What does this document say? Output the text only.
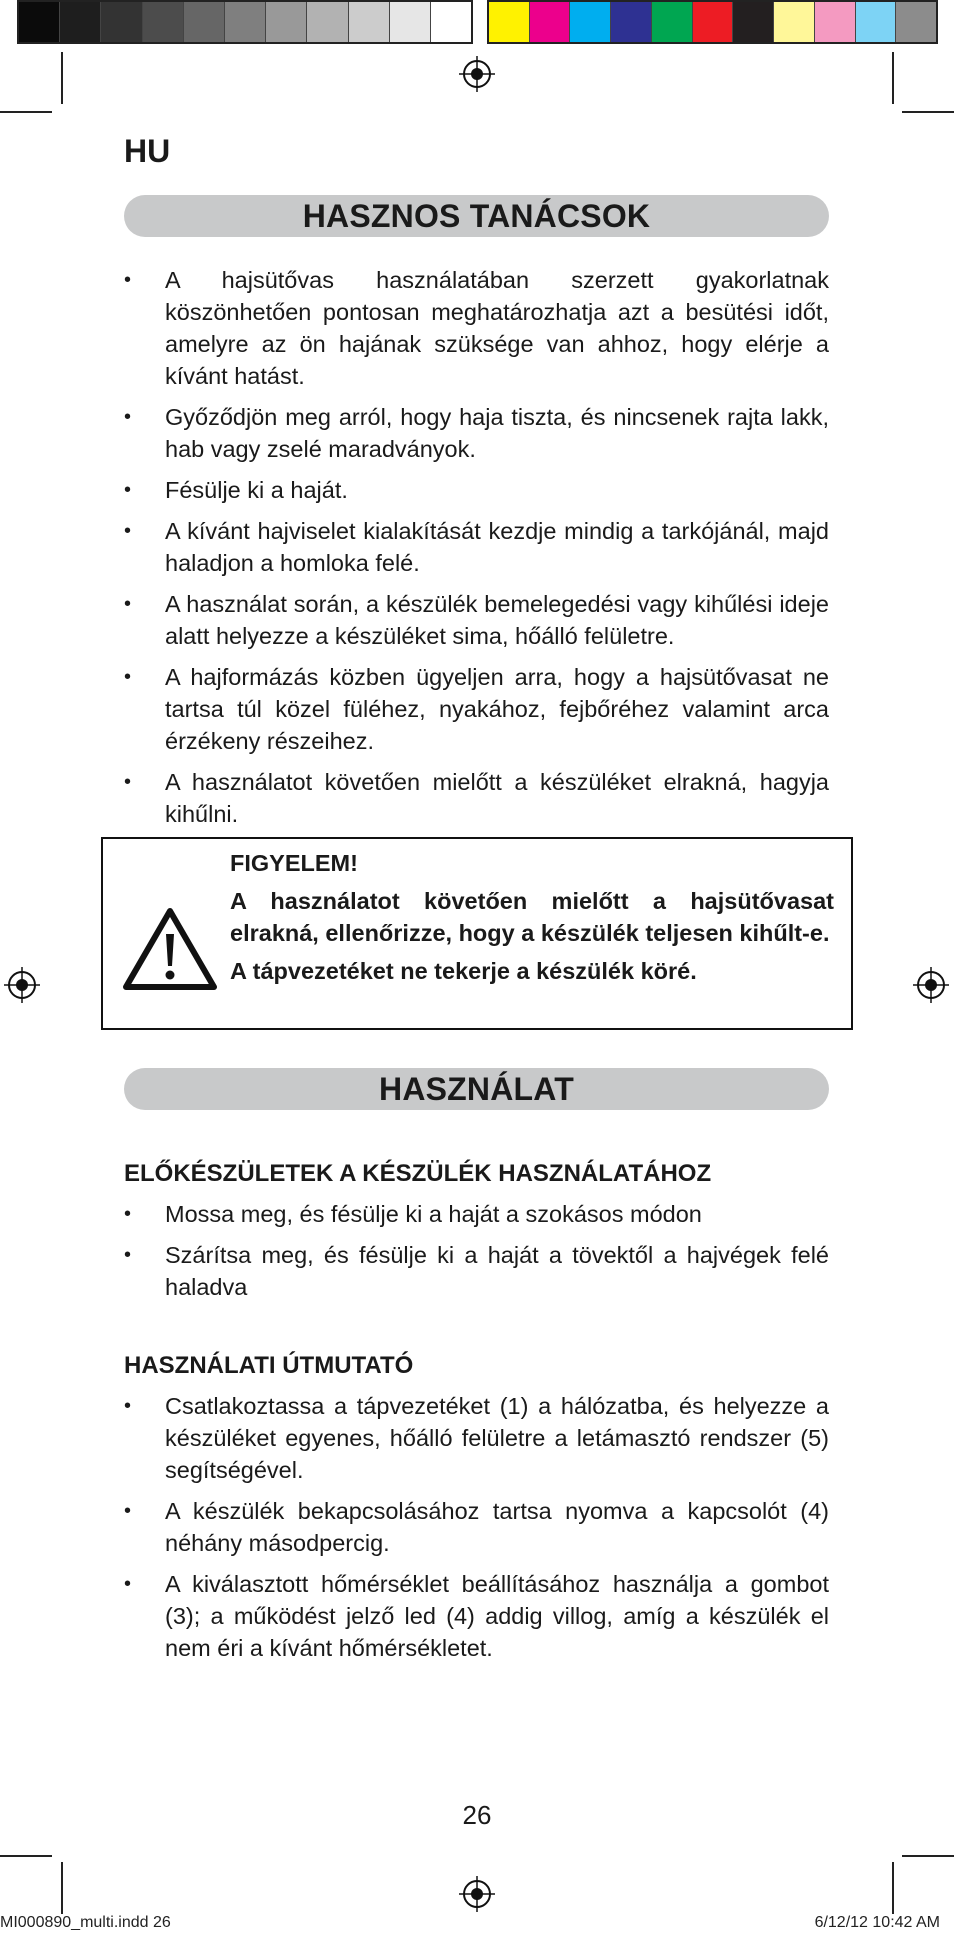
HU
HASZNOS TANÁCSOK
•	A hajsütővas használatában szerzett gyakorlatnak köszönhetően pontosan meghatározhatja azt a besütési időt, amelyre az ön hajának szüksége van ahhoz, hogy elérje a kívánt hatást.
•	Győződjön meg arról, hogy haja tiszta, és nincsenek rajta lakk, hab vagy zselé maradványok.
•	Fésülje ki a haját.
•	A kívánt hajviselet kialakítását kezdje mindig a tarkójánál, majd haladjon a homloka felé.
•	A használat során, a készülék bemelegedési vagy kihűlési ideje alatt helyezze a készüléket sima, hőálló felületre.
•	A hajformázás közben ügyeljen arra, hogy a hajsütővasat ne tartsa túl közel füléhez, nyakához, fejbőréhez valamint arca érzékeny részeihez.
•	A használatot követően mielőtt a készüléket elrakná, hagyja kihűlni.

FIGYELEM!

A használatot követően mielőtt a hajsütővasat elrakná, ellenőrizze, hogy a készülék teljesen kihűlt-e.

A tápvezetéket ne tekerje a készülék köré.

HASZNÁLAT
ELŐKÉSZÜLETEK A KÉSZÜLÉK HASZNÁLATÁHOZ
•	Mossa meg, és fésülje ki a haját a szokásos módon
•	Szárítsa meg, és fésülje ki a haját a tövektől a hajvégek felé haladva
HASZNÁLATI ÚTMUTATÓ
•	Csatlakoztassa a tápvezetéket (1) a hálózatba, és helyezze a készüléket egyenes, hőálló felületre a letámasztó rendszer (5) segítségével.
•	A készülék bekapcsolásához tartsa nyomva a kapcsolót (4) néhány másodpercig.
•	A kiválasztott hőmérséklet beállításához használja a gombot (3); a működést jelző led (4) addig villog, amíg a készülék el nem éri a kívánt hőmérsékletet.
26
MI000890_multi.indd 26	6/12/12 10:42 AM
